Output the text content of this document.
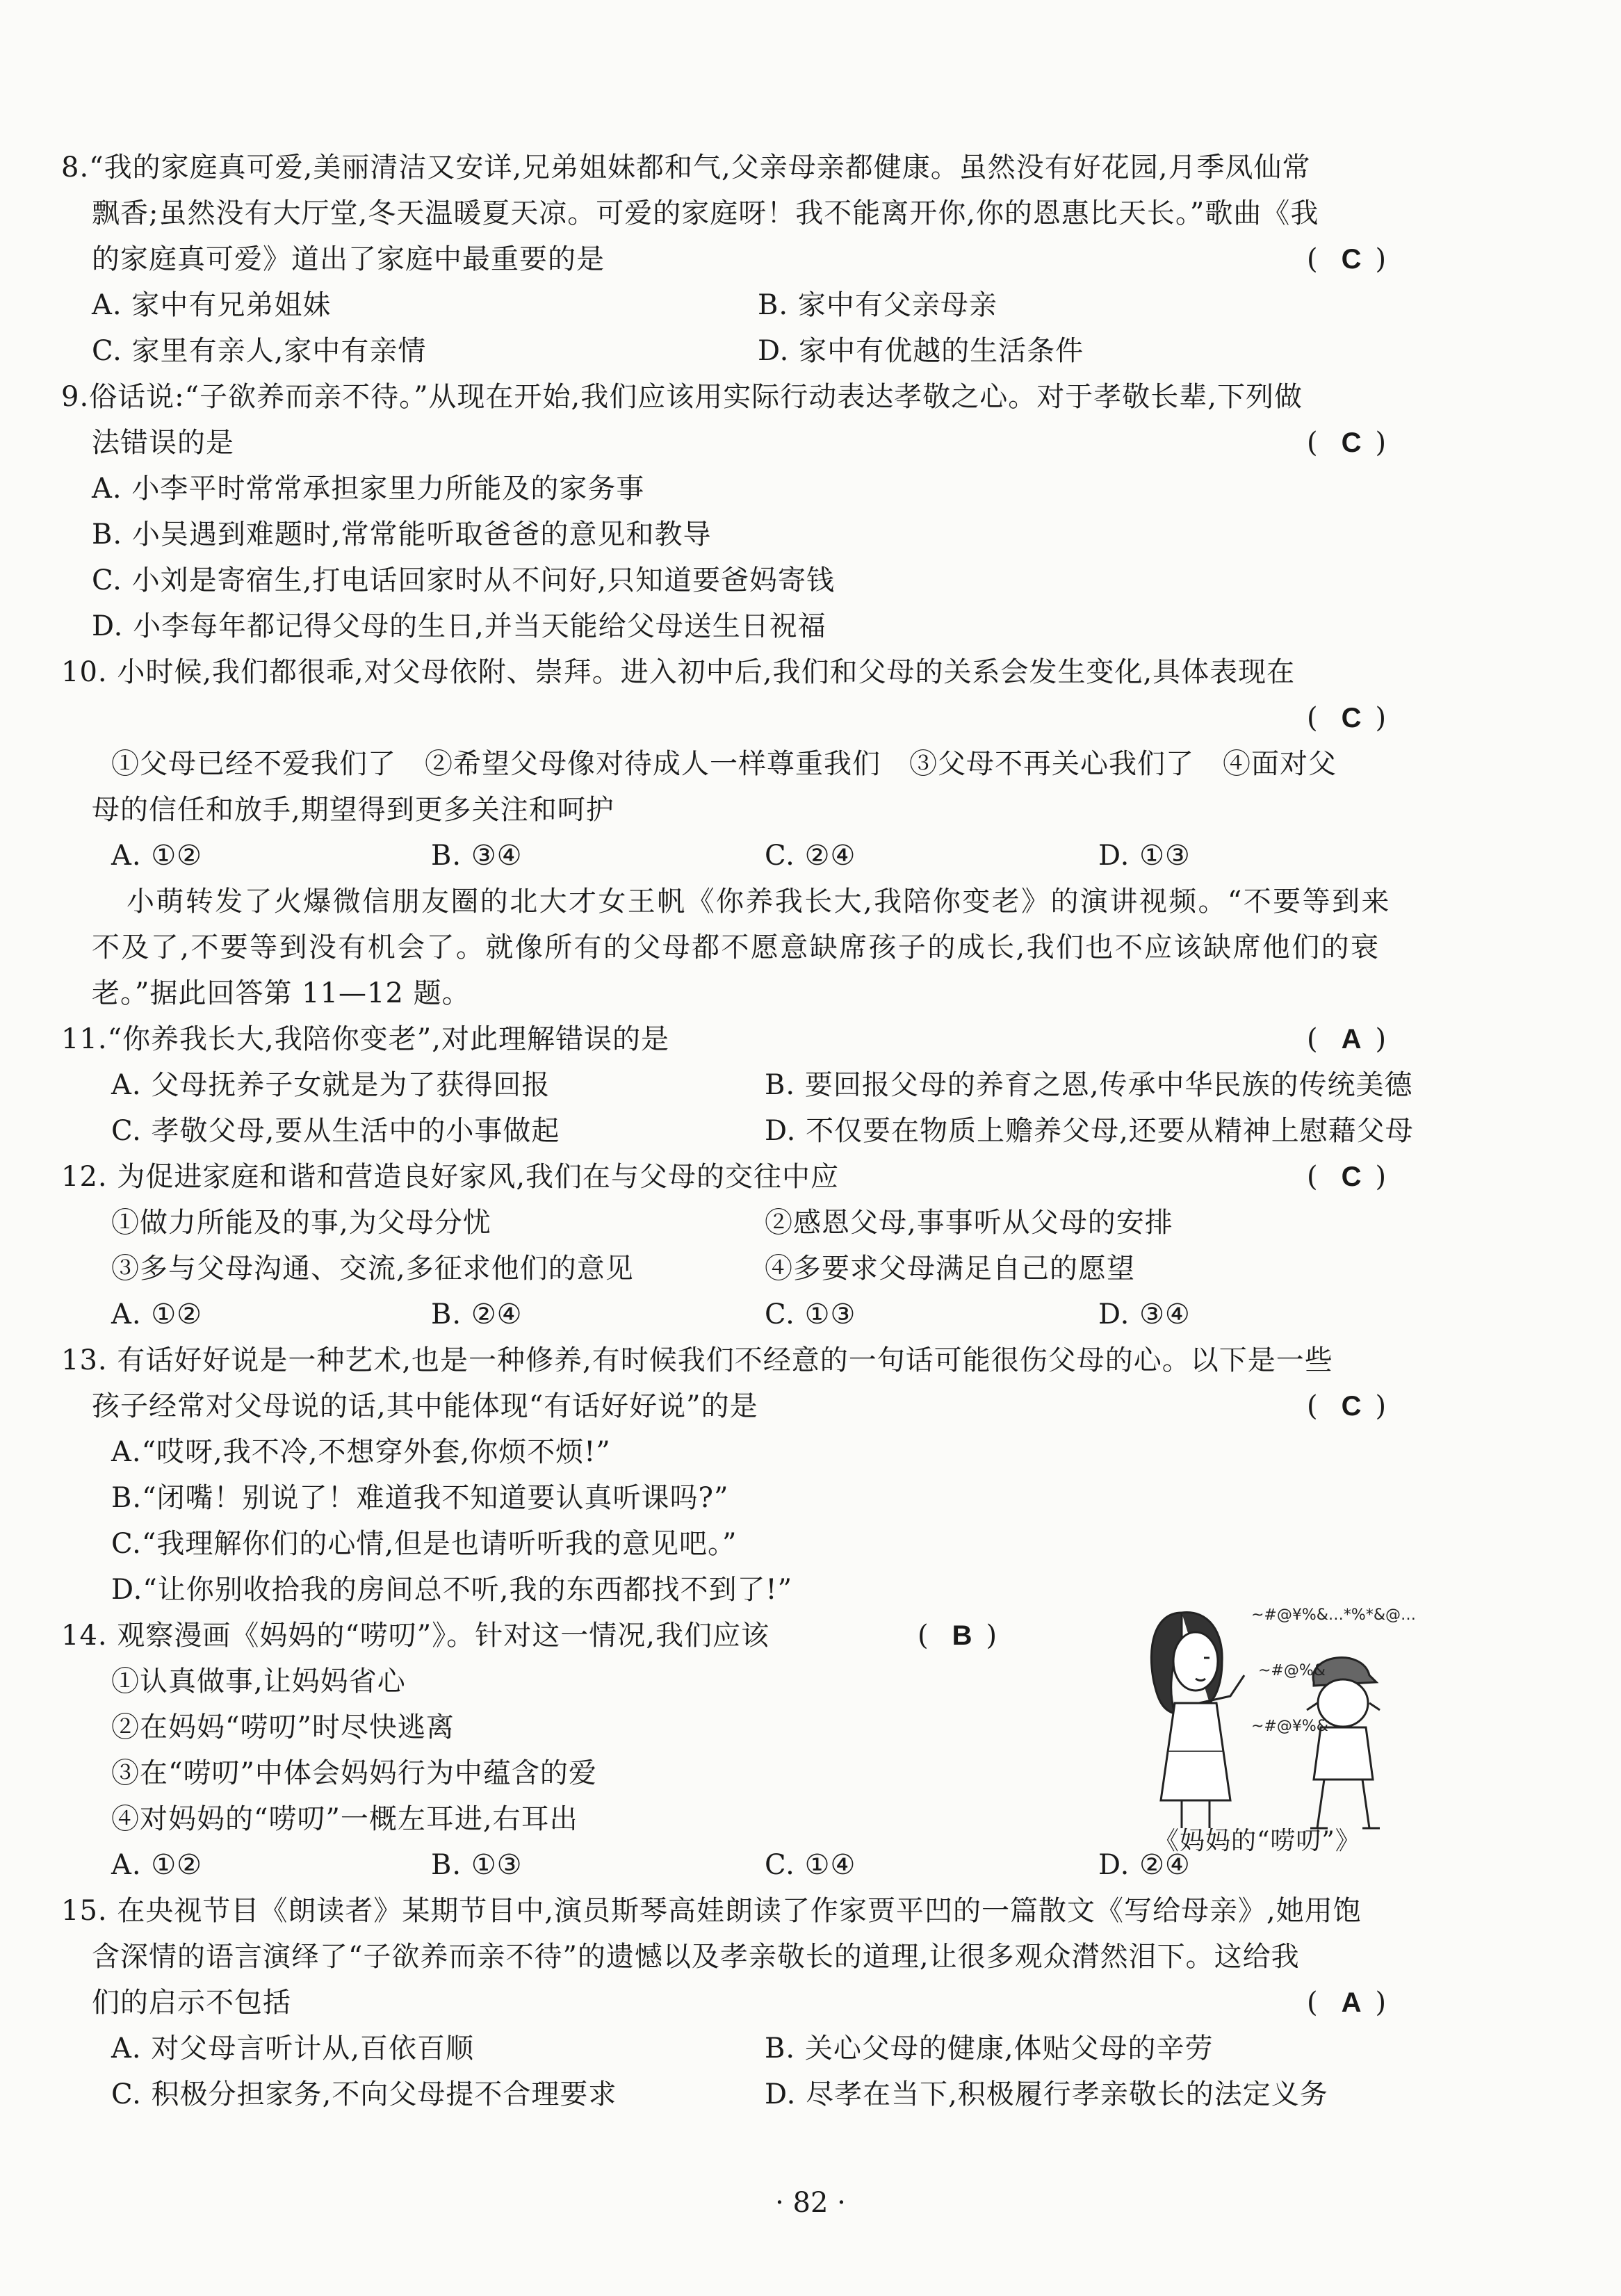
8.“我的家庭真可爱,美丽清洁又安详,兄弟姐妹都和气,父亲母亲都健康。虽然没有好花园,月季凤仙常
飘香;虽然没有大厅堂,冬天温暖夏天凉。可爱的家庭呀！我不能离开你,你的恩惠比天长。”歌曲《我
的家庭真可爱》道出了家庭中最重要的是	( C )
A. 家中有兄弟姐妹	B. 家中有父亲母亲
C. 家里有亲人,家中有亲情	D. 家中有优越的生活条件
9.俗话说:“子欲养而亲不待。”从现在开始,我们应该用实际行动表达孝敬之心。对于孝敬长辈,下列做
法错误的是	( C )
A. 小李平时常常承担家里力所能及的家务事
B. 小吴遇到难题时,常常能听取爸爸的意见和教导
C. 小刘是寄宿生,打电话回家时从不问好,只知道要爸妈寄钱
D. 小李每年都记得父母的生日,并当天能给父母送生日祝福
10. 小时候,我们都很乖,对父母依附、崇拜。进入初中后,我们和父母的关系会发生变化,具体表现在
( C )
①父母已经不爱我们了　②希望父母像对待成人一样尊重我们　③父母不再关心我们了　④面对父
母的信任和放手,期望得到更多关注和呵护
A. ①②	B. ③④	C. ②④	D. ①③
小萌转发了火爆微信朋友圈的北大才女王帆《你养我长大,我陪你变老》的演讲视频。“不要等到来
不及了,不要等到没有机会了。就像所有的父母都不愿意缺席孩子的成长,我们也不应该缺席他们的衰
老。”据此回答第 11—12 题。
11.“你养我长大,我陪你变老”,对此理解错误的是	( A )
A. 父母抚养子女就是为了获得回报	B. 要回报父母的养育之恩,传承中华民族的传统美德
C. 孝敬父母,要从生活中的小事做起	D. 不仅要在物质上赡养父母,还要从精神上慰藉父母
12. 为促进家庭和谐和营造良好家风,我们在与父母的交往中应	( C )
①做力所能及的事,为父母分忧	②感恩父母,事事听从父母的安排
③多与父母沟通、交流,多征求他们的意见	④多要求父母满足自己的愿望
A. ①②	B. ②④	C. ①③	D. ③④
13. 有话好好说是一种艺术,也是一种修养,有时候我们不经意的一句话可能很伤父母的心。以下是一些
孩子经常对父母说的话,其中能体现“有话好好说”的是	( C )
A.“哎呀,我不冷,不想穿外套,你烦不烦!”
B.“闭嘴！别说了！难道我不知道要认真听课吗?”
C.“我理解你们的心情,但是也请听听我的意见吧。”
D.“让你别收拾我的房间总不听,我的东西都找不到了!”
14. 观察漫画《妈妈的“唠叨”》。针对这一情况,我们应该	( B )
①认真做事,让妈妈省心
②在妈妈“唠叨”时尽快逃离
③在“唠叨”中体会妈妈行为中蕴含的爱
④对妈妈的“唠叨”一概左耳进,右耳出
A. ①②	B. ①③	C. ①④	D. ②④
~#@¥%&…*%*&@…
~#@%&
~#@¥%&
《妈妈的“唠叨”》
15. 在央视节目《朗读者》某期节目中,演员斯琴高娃朗读了作家贾平凹的一篇散文《写给母亲》,她用饱
含深情的语言演绎了“子欲养而亲不待”的遗憾以及孝亲敬长的道理,让很多观众潸然泪下。这给我
们的启示不包括	( A )
A. 对父母言听计从,百依百顺	B. 关心父母的健康,体贴父母的辛劳
C. 积极分担家务,不向父母提不合理要求	D. 尽孝在当下,积极履行孝亲敬长的法定义务
· 82 ·
